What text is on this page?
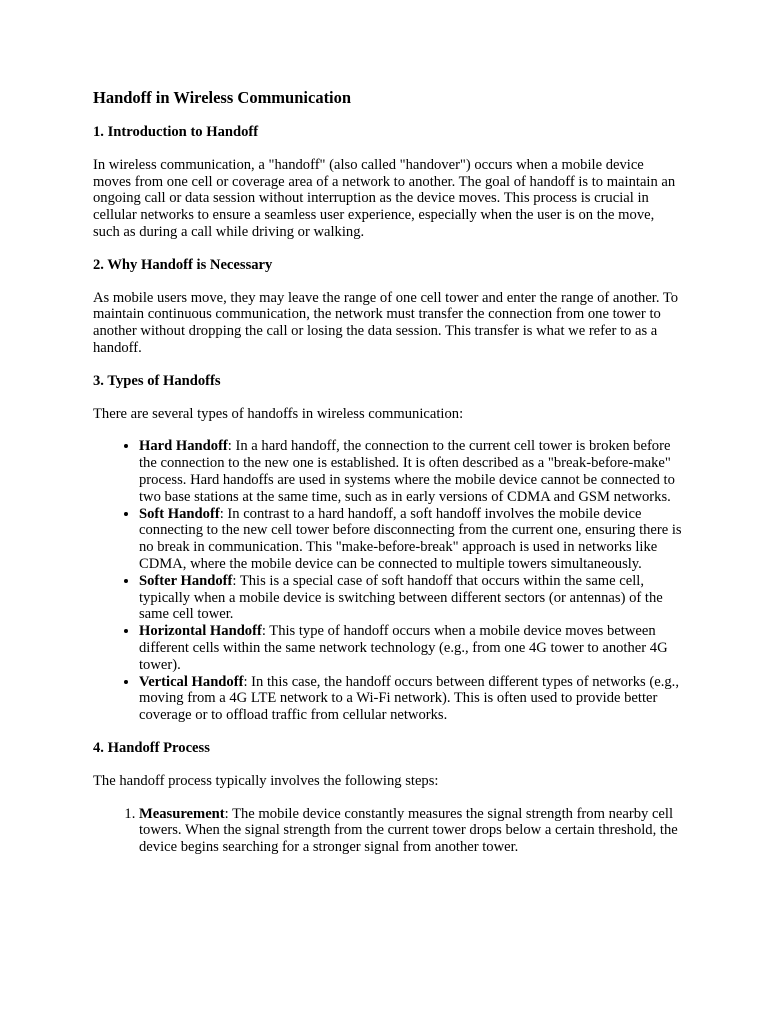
Handoff in Wireless Communication
1. Introduction to Handoff

In wireless communication, a "handoff" (also called "handover") occurs when a mobile device moves from one cell or coverage area of a network to another. The goal of handoff is to maintain an ongoing call or data session without interruption as the device moves. This process is crucial in cellular networks to ensure a seamless user experience, especially when the user is on the move, such as during a call while driving or walking.

2. Why Handoff is Necessary

As mobile users move, they may leave the range of one cell tower and enter the range of another. To maintain continuous communication, the network must transfer the connection from one tower to another without dropping the call or losing the data session. This transfer is what we refer to as a handoff.

3. Types of Handoffs

There are several types of handoffs in wireless communication:

• Hard Handoff: In a hard handoff, the connection to the current cell tower is broken before the connection to the new one is established. It is often described as a "break-before-make" process. Hard handoffs are used in systems where the mobile device cannot be connected to two base stations at the same time, such as in early versions of CDMA and GSM networks.
• Soft Handoff: In contrast to a hard handoff, a soft handoff involves the mobile device connecting to the new cell tower before disconnecting from the current one, ensuring there is no break in communication. This "make-before-break" approach is used in networks like CDMA, where the mobile device can be connected to multiple towers simultaneously.
• Softer Handoff: This is a special case of soft handoff that occurs within the same cell, typically when a mobile device is switching between different sectors (or antennas) of the same cell tower.
• Horizontal Handoff: This type of handoff occurs when a mobile device moves between different cells within the same network technology (e.g., from one 4G tower to another 4G tower).
• Vertical Handoff: In this case, the handoff occurs between different types of networks (e.g., moving from a 4G LTE network to a Wi-Fi network). This is often used to provide better coverage or to offload traffic from cellular networks.
4. Handoff Process

The handoff process typically involves the following steps:

1. Measurement: The mobile device constantly measures the signal strength from nearby cell towers. When the signal strength from the current tower drops below a certain threshold, the device begins searching for a stronger signal from another tower.
